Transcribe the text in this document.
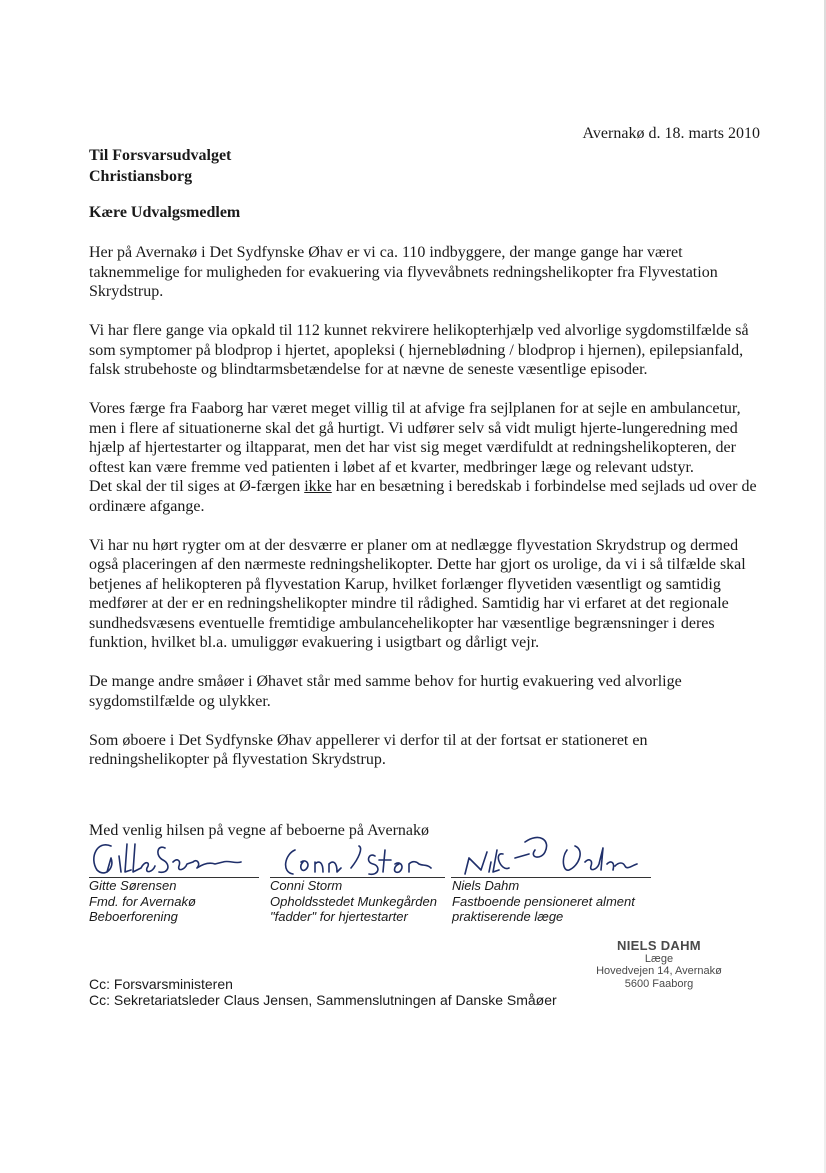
Avernakø d. 18. marts 2010
Til Forsvarsudvalget
Christiansborg
Kære Udvalgsmedlem

Her på Avernakø i Det Sydfynske Øhav er vi ca. 110 indbyggere, der mange gange har været taknemmelige for muligheden for evakuering via flyvevåbnets redningshelikopter fra Flyvestation Skrydstrup.

Vi har flere gange via opkald til 112 kunnet rekvirere helikopterhjælp ved alvorlige sygdomstilfælde så som symptomer på blodprop i hjertet, apopleksi ( hjerneblødning / blodprop i hjernen), epilepsianfald, falsk strubehoste og blindtarmsbetændelse for at nævne de seneste væsentlige episoder.

Vores færge fra Faaborg har været meget villig til at afvige fra sejlplanen for at sejle en ambulancetur, men i flere af situationerne skal det gå hurtigt. Vi udfører selv så vidt muligt hjerte-lungeredning med hjælp af hjertestarter og iltapparat, men det har vist sig meget værdifuldt at redningshelikopteren, der oftest kan være fremme ved patienten i løbet af et kvarter, medbringer læge og relevant udstyr.

Det skal der til siges at Ø-færgen ikke har en besætning i beredskab i forbindelse med sejlads ud over de ordinære afgange.

Vi har nu hørt rygter om at der desværre er planer om at nedlægge flyvestation Skrydstrup og dermed også placeringen af den nærmeste redningshelikopter. Dette har gjort os urolige, da vi i så tilfælde skal betjenes af helikopteren på flyvestation Karup, hvilket forlænger flyvetiden væsentligt og samtidig medfører at der er en redningshelikopter mindre til rådighed. Samtidig har vi erfaret at det regionale sundhedsvæsens eventuelle fremtidige ambulancehelikopter har væsentlige begrænsninger i deres funktion, hvilket bl.a. umuliggør evakuering i usigtbart og dårligt vejr.

De mange andre småøer i Øhavet står med samme behov for hurtig evakuering ved alvorlige sygdomstilfælde og ulykker.

Som øboere i Det Sydfynske Øhav appellerer vi derfor til at der fortsat er stationeret en redningshelikopter på flyvestation Skrydstrup.

Med venlig hilsen på vegne af beboerne på Avernakø
Gitte Sørensen
Fmd. for Avernakø
Beboerforening
Conni Storm
Opholdsstedet Munkegården
"fadder" for hjertestarter
Niels Dahm
Fastboende pensioneret alment
praktiserende læge
NIELS DAHM
Læge
Hovedvejen 14, Avernakø
5600 Faaborg
Cc: Forsvarsministeren
Cc: Sekretariatsleder Claus Jensen, Sammenslutningen af Danske Småøer
